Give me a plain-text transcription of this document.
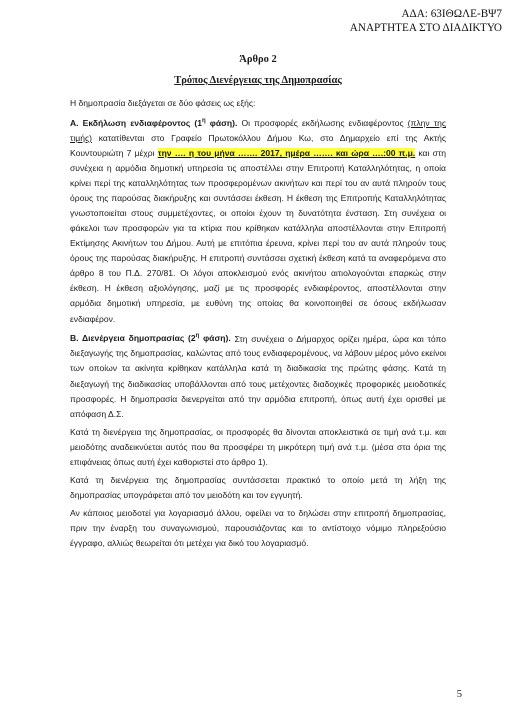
ΑΔΑ: 63ΙΘΩΛΕ-ΒΨ7
ΑΝΑΡΤΗΤΕΑ ΣΤΟ ΔΙΑΔΙΚΤΥΟ
Άρθρο 2
Τρόπος Διενέργειας της Δημοπρασίας

Η δημοπρασία διεξάγεται σε δύο φάσεις ως εξής:

Α. Εκδήλωση ενδιαφέροντος ($1^\eta$ φάση). Οι προσφορές εκδήλωσης ενδιαφέροντος (πλην της τιμής) κατατίθενται στο Γραφείο Πρωτοκόλλου Δήμου Κω, στο Δημαρχείο επί της Ακτής Κουντουριώτη 7 μέχρι την …. η του μήνα ……. 2017, ημέρα ……. και ώρα ….:00 π.μ. και στη συνέχεια η αρμόδια δημοτική υπηρεσία τις αποστέλλει στην Επιτροπή Καταλληλότητας, η οποία κρίνει περί της καταλληλότητας των προσφερομένων ακινήτων και περί του αν αυτά πληρούν τους όρους της παρούσας διακήρυξης και συντάσσει έκθεση. Η έκθεση της Επιτροπής Καταλληλότητας γνωστοποιείται στους συμμετέχοντες, οι οποίοι έχουν τη δυνατότητα ένσταση. Στη συνέχεια οι φάκελοι των προσφορών για τα κτίρια που κρίθηκαν κατάλληλα αποστέλλονται στην Επιτροπή Εκτίμησης Ακινήτων του Δήμου. Αυτή με επιτόπια έρευνα, κρίνει περί του αν αυτά πληρούν τους όρους της παρούσας διακήρυξης. Η επιτροπή συντάσσει σχετική έκθεση κατά τα αναφερόμενα στο άρθρο 8 του Π.Δ. 270/81. Οι λόγοι αποκλεισμού ενός ακινήτου αιτιολογούνται επαρκώς στην έκθεση. Η έκθεση αξιολόγησης, μαζί με τις προσφορές ενδιαφέροντος, αποστέλλονται στην αρμόδια δημοτική υπηρεσία, με ευθύνη της οποίας θα κοινοποιηθεί σε όσους εκδήλωσαν ενδιαφέρον.

Β. Διενέργεια δημοπρασίας ($2^\eta$ φάση). Στη συνέχεια ο Δήμαρχος ορίζει ημέρα, ώρα και τόπο διεξαγωγής της δημοπρασίας, καλώντας από τους ενδιαφερομένους, να λάβουν μέρος μόνο εκείνοι των οποίων τα ακίνητα κρίθηκαν κατάλληλα κατά τη διαδικασία της πρώτης φάσης. Κατά τη διεξαγωγή της διαδικασίας υποβάλλονται από τους μετέχοντες διαδοχικές προφορικές μειοδοτικές προσφορές. Η δημοπρασία διενεργείται από την αρμόδια επιτροπή, όπως αυτή έχει ορισθεί με απόφαση Δ.Σ.

Κατά τη διενέργεια της δημοπρασίας, οι προσφορές θα δίνονται αποκλειστικά σε τιμή ανά τ.μ. και μειοδότης αναδεικνύεται αυτός που θα προσφέρει τη μικρότερη τιμή ανά τ.μ. (μέσα στα όρια της επιφάνειας όπως αυτή έχει καθοριστεί στο άρθρο 1).

Κατά τη διενέργεια της δημοπρασίας συντάσσεται πρακτικό το οποίο μετά τη λήξη της δημοπρασίας υπογράφεται από τον μειοδότη και τον εγγυητή.

Αν κάποιος μειοδοτεί για λογαριασμό άλλου, οφείλει να το δηλώσει στην επιτροπή δημοπρασίας, πριν την έναρξη του συναγωνισμού, παρουσιάζοντας και το αντίστοιχο νόμιμο πληρεξούσιο έγγραφο, αλλιώς θεωρείται ότι μετέχει για δικό του λογαριασμό.

5
